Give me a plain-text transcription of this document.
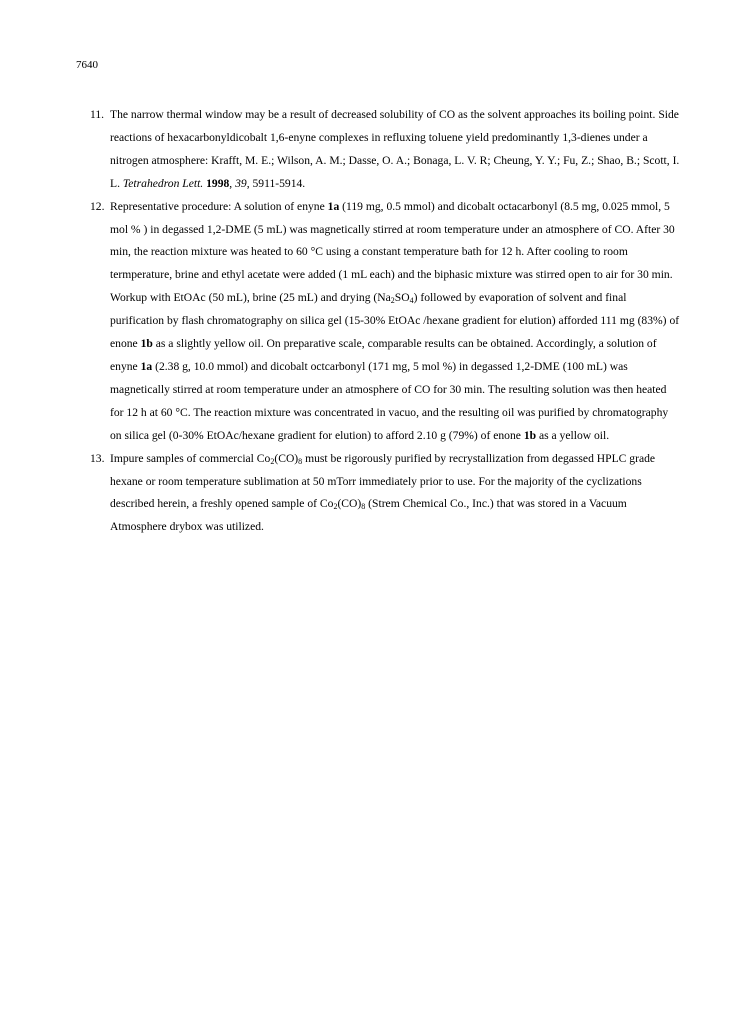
7640
11. The narrow thermal window may be a result of decreased solubility of CO as the solvent approaches its boiling point. Side reactions of hexacarbonyldicobalt 1,6-enyne complexes in refluxing toluene yield predominantly 1,3-dienes under a nitrogen atmosphere: Krafft, M. E.; Wilson, A. M.; Dasse, O. A.; Bonaga, L. V. R; Cheung, Y. Y.; Fu, Z.; Shao, B.; Scott, I. L. Tetrahedron Lett. 1998, 39, 5911-5914.
12. Representative procedure: A solution of enyne 1a (119 mg, 0.5 mmol) and dicobalt octacarbonyl (8.5 mg, 0.025 mmol, 5 mol % ) in degassed 1,2-DME (5 mL) was magnetically stirred at room temperature under an atmosphere of CO. After 30 min, the reaction mixture was heated to 60 °C using a constant temperature bath for 12 h. After cooling to room termperature, brine and ethyl acetate were added (1 mL each) and the biphasic mixture was stirred open to air for 30 min. Workup with EtOAc (50 mL), brine (25 mL) and drying $(Na_2SO_4)$ followed by evaporation of solvent and final purification by flash chromatography on silica gel (15-30% EtOAc /hexane gradient for elution) afforded 111 mg (83%) of enone 1b as a slightly yellow oil. On preparative scale, comparable results can be obtained. Accordingly, a solution of enyne 1a (2.38 g, 10.0 mmol) and dicobalt octcarbonyl (171 mg, 5 mol %) in degassed 1,2-DME (100 mL) was magnetically stirred at room temperature under an atmosphere of CO for 30 min. The resulting solution was then heated for 12 h at 60 °C. The reaction mixture was concentrated in vacuo, and the resulting oil was purified by chromatography on silica gel (0-30% EtOAc/hexane gradient for elution) to afford 2.10 g (79%) of enone 1b as a yellow oil.
13. Impure samples of commercial $Co_2(CO)_8$ must be rigorously purified by recrystallization from degassed HPLC grade hexane or room temperature sublimation at 50 mTorr immediately prior to use. For the majority of the cyclizations described herein, a freshly opened sample of $Co_2(CO)_8$ (Strem Chemical Co., Inc.) that was stored in a Vacuum Atmosphere drybox was utilized.
